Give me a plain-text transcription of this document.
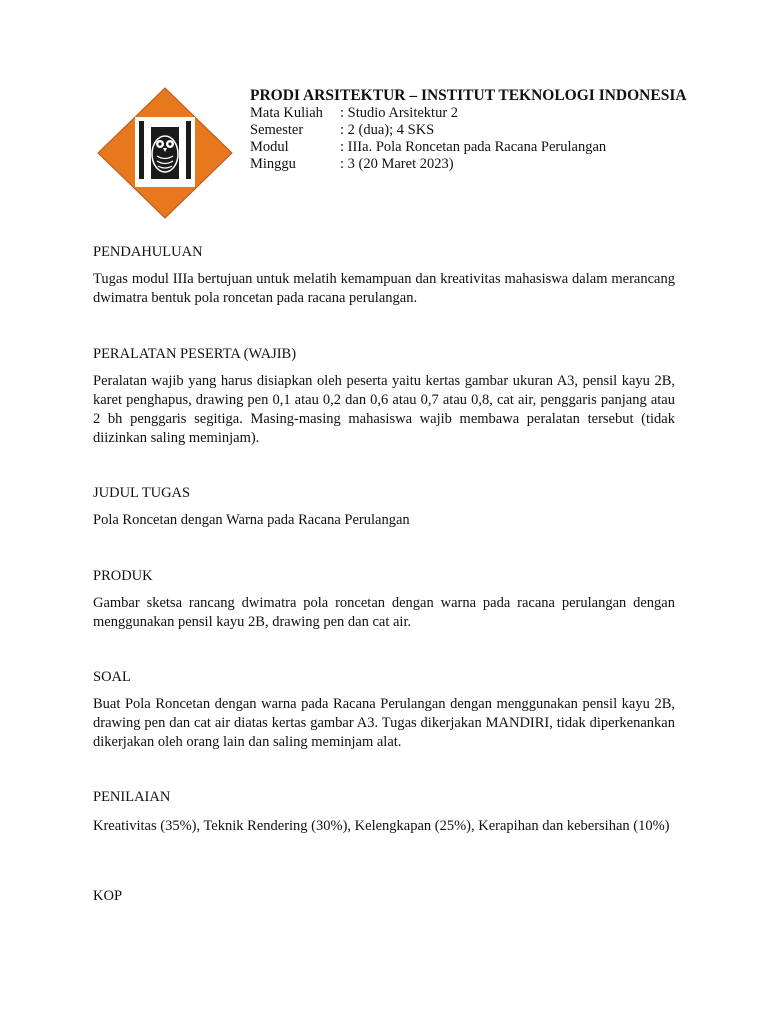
PRODI ARSITEKTUR – INSTITUT TEKNOLOGI INDONESIA
Mata Kuliah	: Studio Arsitektur 2
Semester	: 2 (dua); 4 SKS
Modul	: IIIa. Pola Roncetan pada Racana Perulangan
Minggu	: 3 (20 Maret 2023)

PENDAHULUAN

Tugas modul IIIa bertujuan untuk melatih kemampuan dan kreativitas mahasiswa dalam merancang dwimatra bentuk pola roncetan pada racana perulangan.

PERALATAN PESERTA (WAJIB)

Peralatan wajib yang harus disiapkan oleh peserta yaitu kertas gambar ukuran A3, pensil kayu 2B, karet penghapus, drawing pen 0,1 atau 0,2 dan 0,6 atau 0,7 atau 0,8, cat air, penggaris panjang atau 2 bh penggaris segitiga. Masing-masing mahasiswa wajib membawa peralatan tersebut (tidak diizinkan saling meminjam).

JUDUL TUGAS

Pola Roncetan dengan Warna pada Racana Perulangan

PRODUK

Gambar sketsa rancang dwimatra pola roncetan dengan warna pada racana perulangan dengan menggunakan pensil kayu 2B, drawing pen dan cat air.

SOAL

Buat Pola Roncetan dengan warna pada Racana Perulangan dengan menggunakan pensil kayu 2B, drawing pen dan cat air diatas kertas gambar A3. Tugas dikerjakan MANDIRI, tidak diperkenankan dikerjakan oleh orang lain dan saling meminjam alat.

PENILAIAN

Kreativitas (35%), Teknik Rendering (30%), Kelengkapan (25%), Kerapihan dan kebersihan (10%)

KOP
